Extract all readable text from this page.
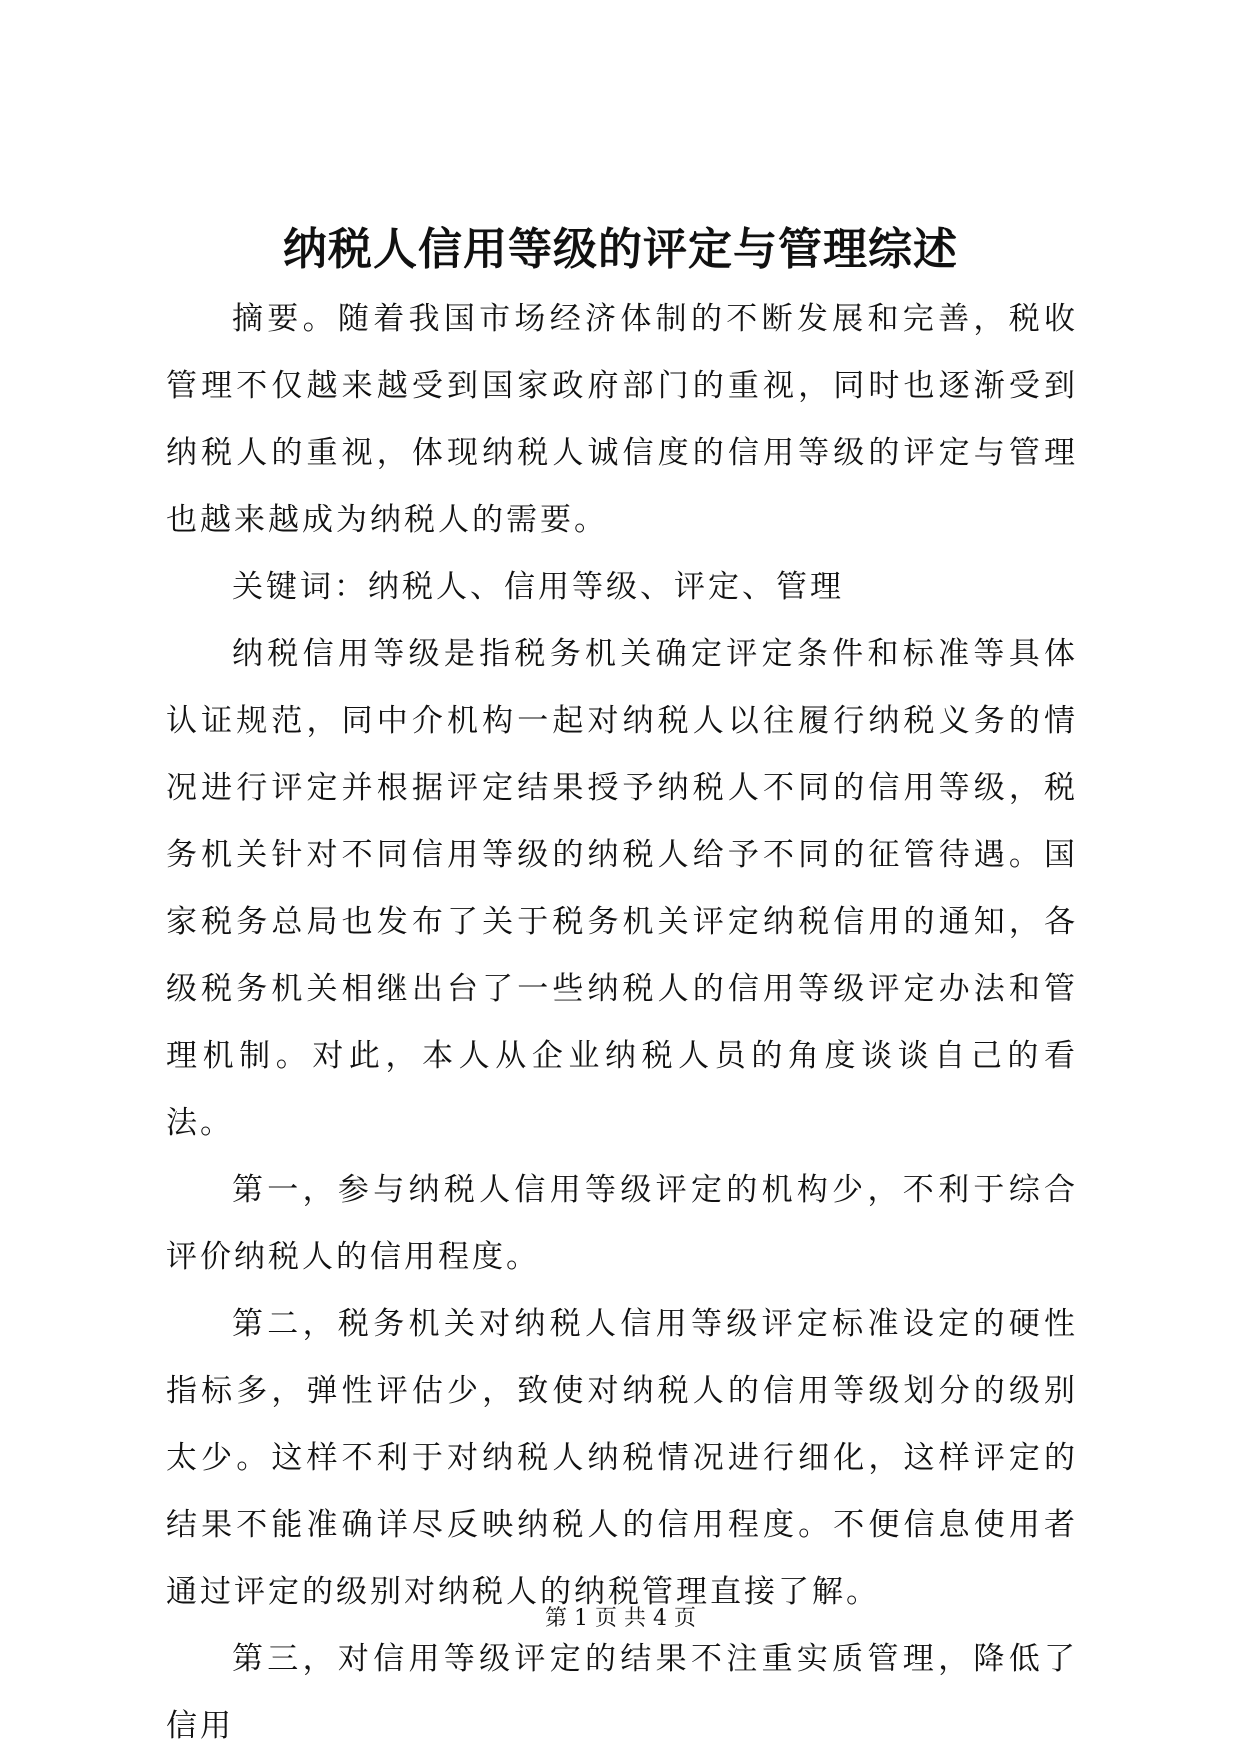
纳税人信用等级的评定与管理综述

摘要。随着我国市场经济体制的不断发展和完善，税收管理不仅越来越受到国家政府部门的重视，同时也逐渐受到纳税人的重视，体现纳税人诚信度的信用等级的评定与管理也越来越成为纳税人的需要。

关键词：纳税人、信用等级、评定、管理

纳税信用等级是指税务机关确定评定条件和标准等具体认证规范，同中介机构一起对纳税人以往履行纳税义务的情况进行评定并根据评定结果授予纳税人不同的信用等级，税务机关针对不同信用等级的纳税人给予不同的征管待遇。国家税务总局也发布了关于税务机关评定纳税信用的通知，各级税务机关相继出台了一些纳税人的信用等级评定办法和管理机制。对此，本人从企业纳税人员的角度谈谈自己的看法。

第一，参与纳税人信用等级评定的机构少，不利于综合评价纳税人的信用程度。

第二，税务机关对纳税人信用等级评定标准设定的硬性指标多，弹性评估少，致使对纳税人的信用等级划分的级别太少。这样不利于对纳税人纳税情况进行细化，这样评定的结果不能准确详尽反映纳税人的信用程度。不便信息使用者通过评定的级别对纳税人的纳税管理直接了解。

第三，对信用等级评定的结果不注重实质管理，降低了信用

第 1 页 共 4 页
